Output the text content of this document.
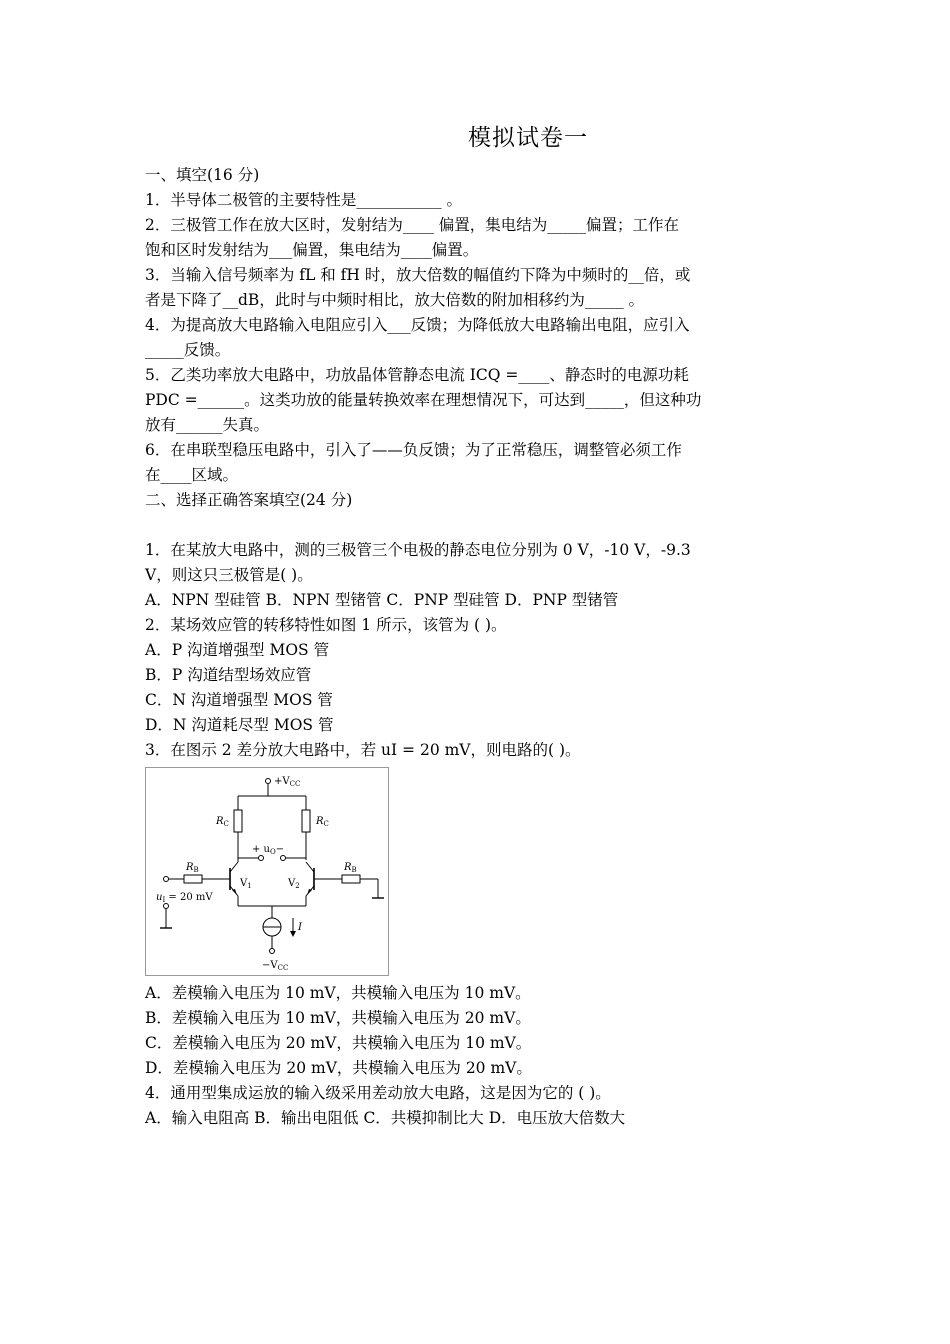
模拟试卷一
一、填空(16 分)
1．半导体二极管的主要特性是___________ 。
2．三极管工作在放大区时，发射结为____ 偏置，集电结为_____偏置；工作在
饱和区时发射结为___偏置，集电结为____偏置。
3．当输入信号频率为 fL 和 fH 时，放大倍数的幅值约下降为中频时的__倍，或
者是下降了__dB，此时与中频时相比，放大倍数的附加相移约为_____ 。
4．为提高放大电路输入电阻应引入___反馈；为降低放大电路输出电阻，应引入
_____反馈。
5．乙类功率放大电路中，功放晶体管静态电流 ICQ =____、静态时的电源功耗
PDC =______。这类功放的能量转换效率在理想情况下，可达到_____，但这种功
放有______失真。
6．在串联型稳压电路中，引入了——负反馈；为了正常稳压，调整管必须工作
在____区域。
二、选择正确答案填空(24 分)
1．在某放大电路中，测的三极管三个电极的静态电位分别为 0 V，-10 V，-9.3
V，则这只三极管是( )。
A．NPN 型硅管 B．NPN 型锗管 C．PNP 型硅管 D．PNP 型锗管
2．某场效应管的转移特性如图 1 所示，该管为 ( )。
A．P 沟道增强型 MOS 管
B．P 沟道结型场效应管
C．N 沟道增强型 MOS 管
D．N 沟道耗尽型 MOS 管
3．在图示 2 差分放大电路中，若 uI = 20 mV，则电路的( )。
$+V_{CC}$
$R_C$	$R_C$
+ $u_O-$
$R_B$	$R_B$
$V_1$	$V_2$
$u_I = 20$ mV
I
$-V_{CC}$
A．差模输入电压为 10 mV，共模输入电压为 10 mV。
B．差模输入电压为 10 mV，共模输入电压为 20 mV。
C．差模输入电压为 20 mV，共模输入电压为 10 mV。
D．差模输入电压为 20 mV，共模输入电压为 20 mV。
4．通用型集成运放的输入级采用差动放大电路，这是因为它的 ( )。
A．输入电阻高 B．输出电阻低 C．共模抑制比大 D．电压放大倍数大
